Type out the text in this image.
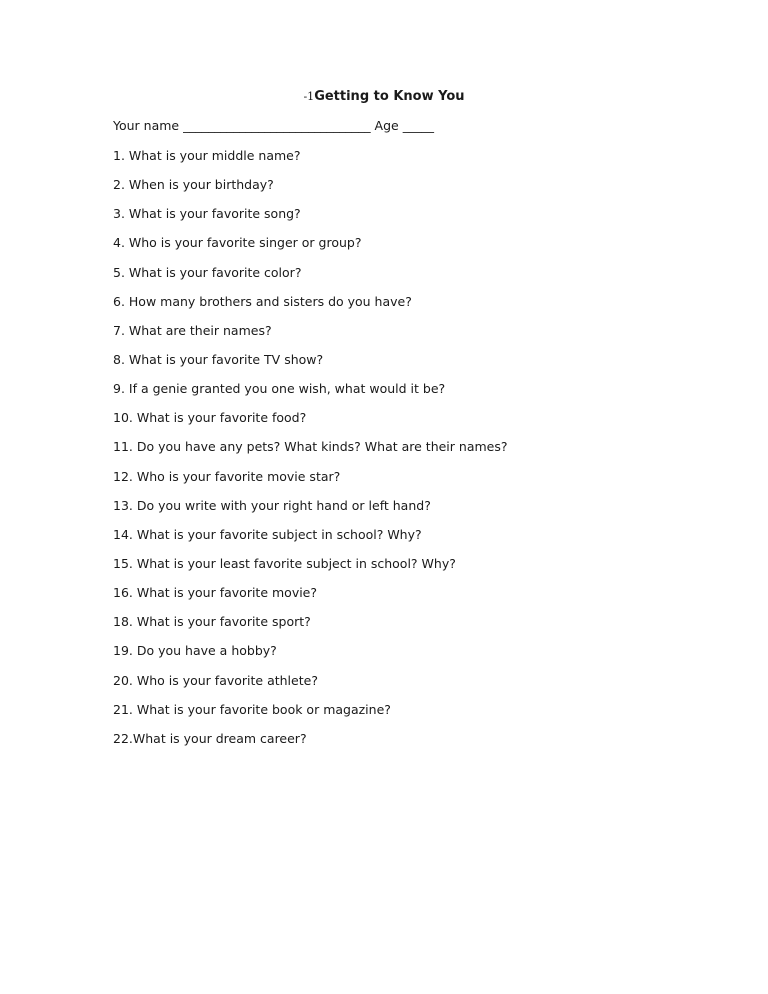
-1Getting to Know You
Your name ______________________________ Age _____
1. What is your middle name?
2. When is your birthday?
3. What is your favorite song?
4. Who is your favorite singer or group?
5. What is your favorite color?
6. How many brothers and sisters do you have?
7. What are their names?
8. What is your favorite TV show?
9. If a genie granted you one wish, what would it be?
10. What is your favorite food?
11. Do you have any pets? What kinds? What are their names?
12. Who is your favorite movie star?
13. Do you write with your right hand or left hand?
14. What is your favorite subject in school? Why?
15. What is your least favorite subject in school? Why?
16. What is your favorite movie?
18. What is your favorite sport?
19. Do you have a hobby?
20. Who is your favorite athlete?
21. What is your favorite book or magazine?
22.What is your dream career?
